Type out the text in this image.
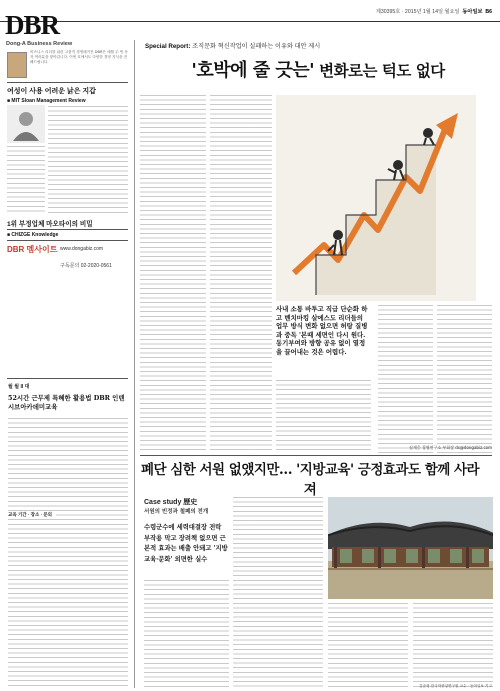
제30395호 · 2015년 1월 14일 월요일 동아일보 B6
DBR
Dong-A Business Review
비즈니스 리더를 위한 고품격 경영매거진 DBR은 매월 두 번 독자 여러분을 찾아갑니다. 이번 호에서도 다양한 경영 지식을 전해드립니다.
여성이 사용 어려운 낡은 지갑
■ MIT Sloan Management Review
1위 부정업체 마오타이의 비밀
■ CHIZGE Knowledge
DBR 멤사이트 www.dongabiz.com
구독문의 02-2020-0561
월 월 II 대
52시간 근무제 특혜한 활용법 DBR 인텐시브아카데미교육
교육 기간 · 장소 · 문의
Special Report: 조직문화 혁신작업이 실패하는 이유와 대안 제시
'호박에 줄 긋는' 변화로는 턱도 없다
사내 소통 바투고 직급 단순화 하고 벤치마킹 살에스도 리더들의 업무 방식 변화 없으면 허탕 질병과 중독 '본때 세면인 다시 원다. 동기부여와 방향 공유 없이 열정을 끌어내는 것은 어렵다.
심재웅 경영연구소 부회장 ds@dongabiz.com
폐단 심한 서원 없앴지만… '지방교육' 긍정효과도 함께 사라져
Case study 歷史
서원의 빈정과 철폐의 전개
수령군수에 세력대결장 전락 부작용 막고 장려책 없으면 근본적 효과는 배출 안돼고 '지방 교육·문화' 외면한 실수
김준형 한국학중앙연구원 교수 · 동아일보 기고
